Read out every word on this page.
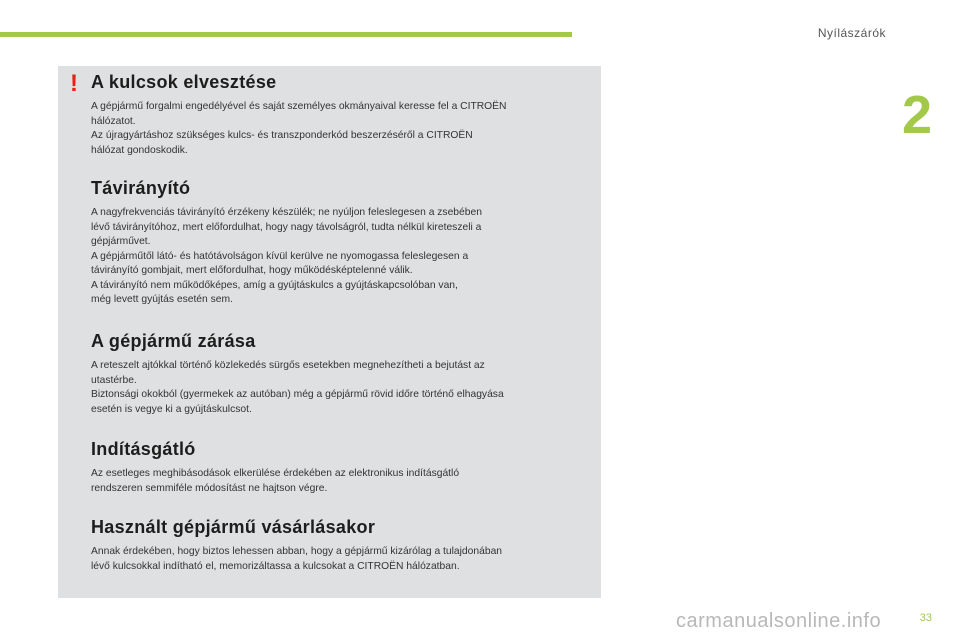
Nyílászárók
2
! A kulcsok elvesztése

A gépjármű forgalmi engedélyével és saját személyes okmányaival keresse fel a CITROËN
hálózatot.
Az újragyártáshoz szükséges kulcs- és transzponderkód beszerzéséről a CITROËN
hálózat gondoskodik.

Távirányító

A nagyfrekvenciás távirányító érzékeny készülék; ne nyúljon feleslegesen a zsebében
lévő távirányítóhoz, mert előfordulhat, hogy nagy távolságról, tudta nélkül kireteszeli a
gépjárművet.
A gépjárműtől látó- és hatótávolságon kívül kerülve ne nyomogassa feleslegesen a
távirányító gombjait, mert előfordulhat, hogy működésképtelenné válik.
A távirányító nem működőképes, amíg a gyújtáskulcs a gyújtáskapcsolóban van,
még levett gyújtás esetén sem.

A gépjármű zárása

A reteszelt ajtókkal történő közlekedés sürgős esetekben megnehezítheti a bejutást az
utastérbe.
Biztonsági okokból (gyermekek az autóban) még a gépjármű rövid időre történő elhagyása
esetén is vegye ki a gyújtáskulcsot.

Indításgátló

Az esetleges meghibásodások elkerülése érdekében az elektronikus indításgátló
rendszeren semmiféle módosítást ne hajtson végre.

Használt gépjármű vásárlásakor

Annak érdekében, hogy biztos lehessen abban, hogy a gépjármű kizárólag a tulajdonában
lévő kulcsokkal indítható el, memorizáltassa a kulcsokat a CITROËN hálózatban.

carmanualsonline.info	33
